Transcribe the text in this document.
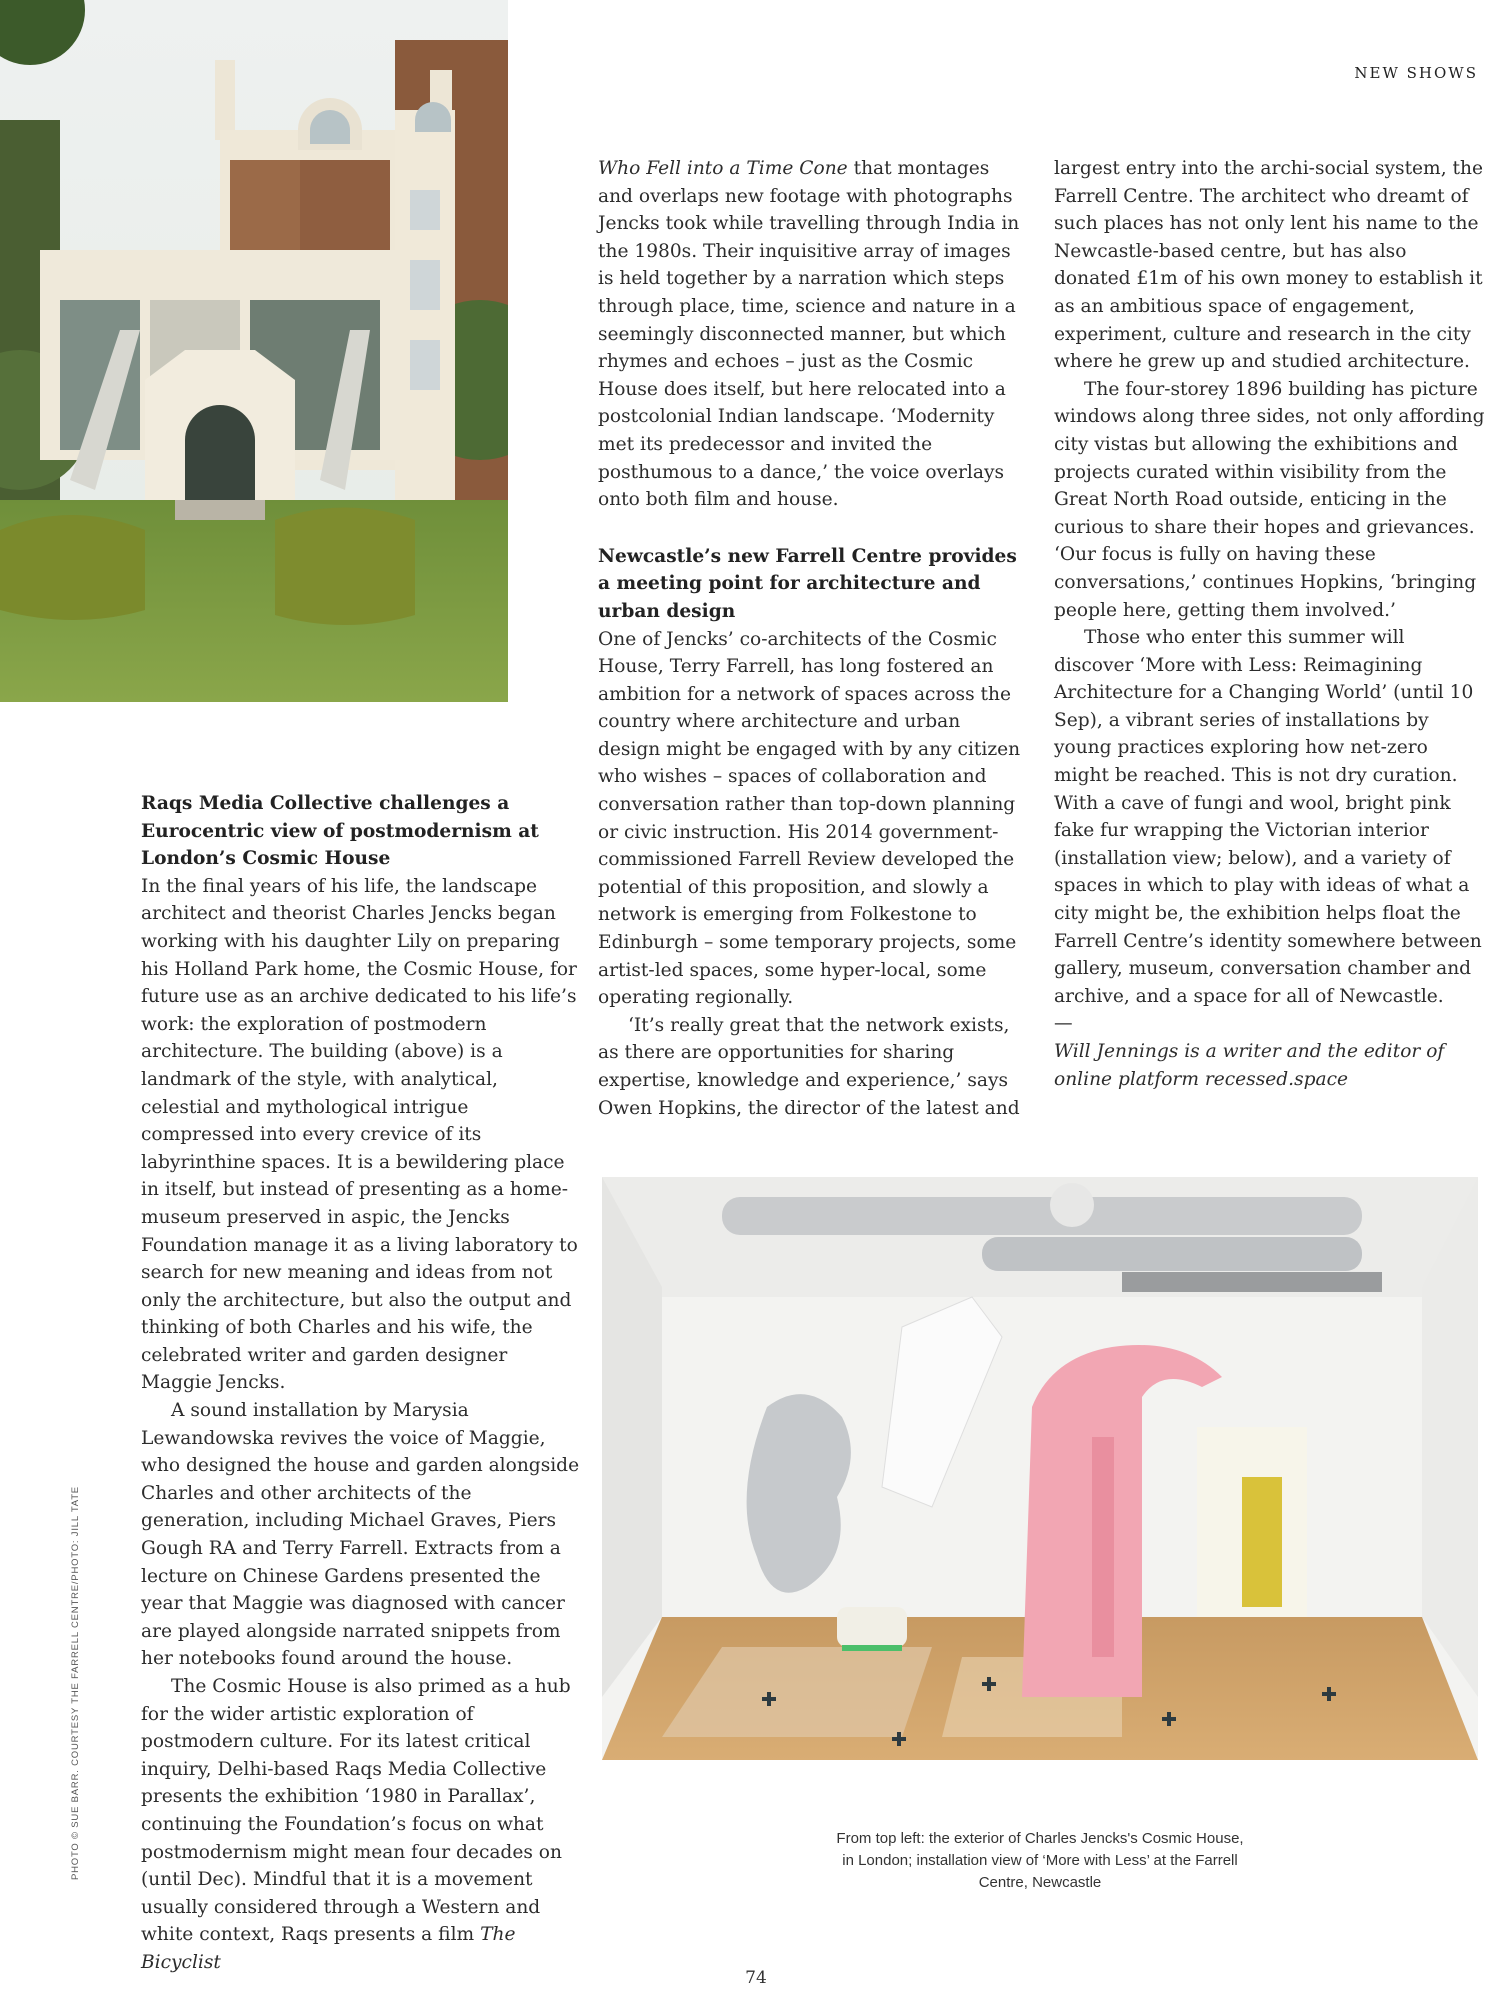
NEW SHOWS
Raqs Media Collective challenges a Eurocentric view of postmodernism at London’s Cosmic House

In the final years of his life, the landscape architect and theorist Charles Jencks began working with his daughter Lily on preparing his Holland Park home, the Cosmic House, for future use as an archive dedicated to his life’s work: the exploration of postmodern architecture. The building (above) is a landmark of the style, with analytical, celestial and mythological intrigue compressed into every crevice of its labyrinthine spaces. It is a bewildering place in itself, but instead of presenting as a home-museum preserved in aspic, the Jencks Foundation manage it as a living laboratory to search for new meaning and ideas from not only the architecture, but also the output and thinking of both Charles and his wife, the celebrated writer and garden designer Maggie Jencks.

A sound installation by Marysia Lewandowska revives the voice of Maggie, who designed the house and garden alongside Charles and other architects of the generation, including Michael Graves, Piers Gough RA and Terry Farrell. Extracts from a lecture on Chinese Gardens presented the year that Maggie was diagnosed with cancer are played alongside narrated snippets from her notebooks found around the house.

The Cosmic House is also primed as a hub for the wider artistic exploration of postmodern culture. For its latest critical inquiry, Delhi-based Raqs Media Collective presents the exhibition ‘1980 in Parallax’, continuing the Foundation’s focus on what postmodernism might mean four decades on (until Dec). Mindful that it is a movement usually considered through a Western and white context, Raqs presents a film The Bicyclist

Who Fell into a Time Cone that montages and overlaps new footage with photographs Jencks took while travelling through India in the 1980s. Their inquisitive array of images is held together by a narration which steps through place, time, science and nature in a seemingly disconnected manner, but which rhymes and echoes – just as the Cosmic House does itself, but here relocated into a postcolonial Indian landscape. ‘Modernity met its predecessor and invited the posthumous to a dance,’ the voice overlays onto both film and house.

Newcastle’s new Farrell Centre provides a meeting point for architecture and urban design

One of Jencks’ co-architects of the Cosmic House, Terry Farrell, has long fostered an ambition for a network of spaces across the country where architecture and urban design might be engaged with by any citizen who wishes – spaces of collaboration and conversation rather than top-down planning or civic instruction. His 2014 government-commissioned Farrell Review developed the potential of this proposition, and slowly a network is emerging from Folkestone to Edinburgh – some temporary projects, some artist-led spaces, some hyper-local, some operating regionally.

‘It’s really great that the network exists, as there are opportunities for sharing expertise, knowledge and experience,’ says Owen Hopkins, the director of the latest and

largest entry into the archi-social system, the Farrell Centre. The architect who dreamt of such places has not only lent his name to the Newcastle-based centre, but has also donated £1m of his own money to establish it as an ambitious space of engagement, experiment, culture and research in the city where he grew up and studied architecture.

The four-storey 1896 building has picture windows along three sides, not only affording city vistas but allowing the exhibitions and projects curated within visibility from the Great North Road outside, enticing in the curious to share their hopes and grievances. ‘Our focus is fully on having these conversations,’ continues Hopkins, ‘bringing people here, getting them involved.’

Those who enter this summer will discover ‘More with Less: Reimagining Architecture for a Changing World’ (until 10 Sep), a vibrant series of installations by young practices exploring how net-zero might be reached. This is not dry curation. With a cave of fungi and wool, bright pink fake fur wrapping the Victorian interior (installation view; below), and a variety of spaces in which to play with ideas of what a city might be, the exhibition helps float the Farrell Centre’s identity somewhere between gallery, museum, conversation chamber and archive, and a space for all of Newcastle.

—

Will Jennings is a writer and the editor of online platform recessed.space

From top left: the exterior of Charles Jencks's Cosmic House, in London; installation view of ‘More with Less’ at the Farrell Centre, Newcastle
PHOTO © SUE BARR. COURTESY THE FARRELL CENTRE/PHOTO: JILL TATE
74
